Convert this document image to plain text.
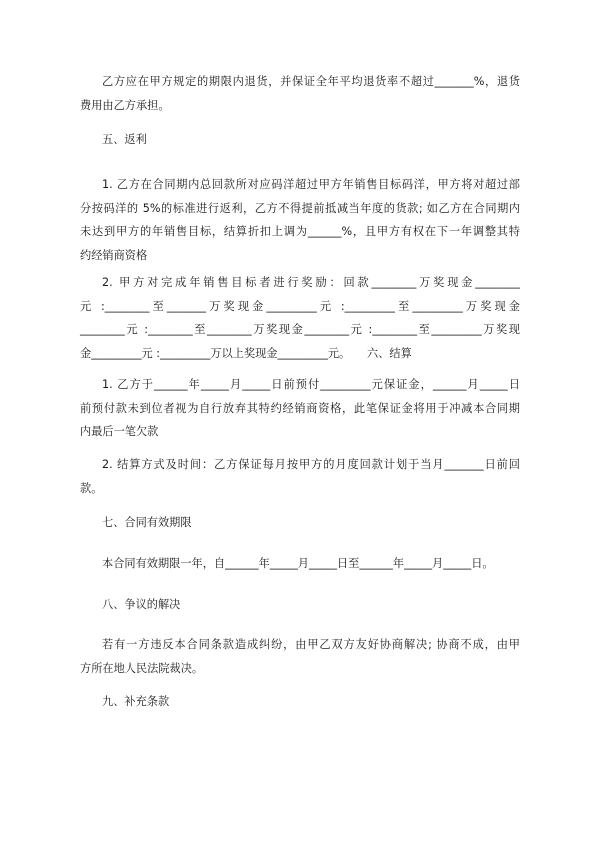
乙方应在甲方规定的期限内退货，并保证全年平均退货率不超过_______%，退货
费用由乙方承担。
五、返利
1. 乙方在合同期内总回款所对应码洋超过甲方年销售目标码洋，甲方将对超过部
分按码洋的 5%的标准进行返利，乙方不得提前抵减当年度的货款; 如乙方在合同期内
未达到甲方的年销售目标，结算折扣上调为______%，且甲方有权在下一年调整其特
约经销商资格
2. 甲方对完成年销售目标者进行奖励：回款________万奖现金________
元 :________至_______万奖现金_________元 :_________至_________万奖现金
________元 :________至________万奖现金________元 :________至_________万奖现
金_________元 :_________万以上奖现金_________元。　　六、结算
1. 乙方于______年_____月_____日前预付_________元保证金，______月_____日
前预付款未到位者视为自行放弃其特约经销商资格，此笔保证金将用于冲减本合同期
内最后一笔欠款
2. 结算方式及时间：乙方保证每月按甲方的月度回款计划于当月_______日前回
款。
七、合同有效期限
本合同有效期限一年，自______年_____月_____日至______年_____月_____日。
八、争议的解决
若有一方违反本合同条款造成纠纷，由甲乙双方友好协商解决; 协商不成，由甲
方所在地人民法院裁决。
九、补充条款
